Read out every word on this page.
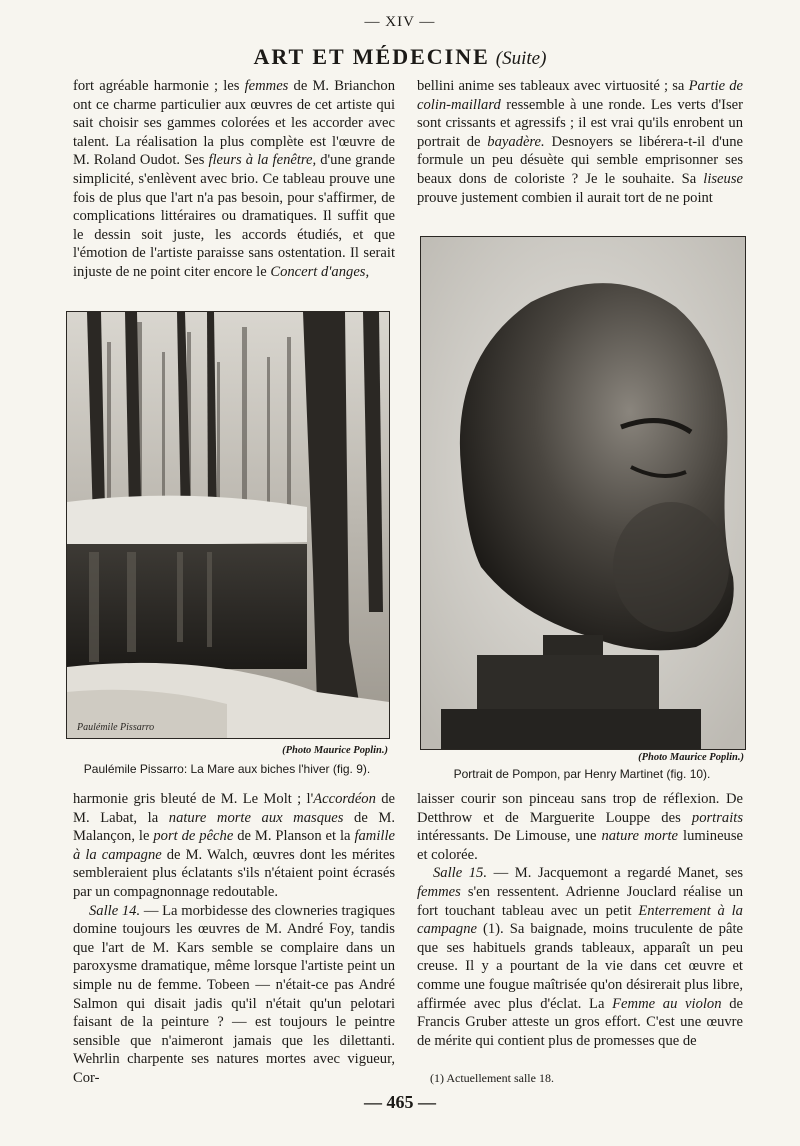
— XIV —
ART ET MÉDECINE (Suite)
fort agréable harmonie ; les femmes de M. Brianchon ont ce charme particulier aux œuvres de cet artiste qui sait choisir ses gammes colorées et les accorder avec talent. La réalisation la plus complète est l'œuvre de M. Roland Oudot. Ses fleurs à la fenêtre, d'une grande simplicité, s'enlèvent avec brio. Ce tableau prouve une fois de plus que l'art n'a pas besoin, pour s'affirmer, de complications littéraires ou dramatiques. Il suffit que le dessin soit juste, les accords étudiés, et que l'émotion de l'artiste paraisse sans ostentation. Il serait injuste de ne point citer encore le Concert d'anges,
bellini anime ses tableaux avec virtuosité ; sa Partie de colin-maillard ressemble à une ronde. Les verts d'Iser sont crissants et agressifs ; il est vrai qu'ils enrobent un portrait de bayadère. Desnoyers se libérera-t-il d'une formule un peu désuète qui semble emprisonner ses beaux dons de coloriste ? Je le souhaite. Sa liseuse prouve justement combien il aurait tort de ne point
Paulémile Pissarro
(Photo Maurice Poplin.)
Paulémile Pissarro: La Mare aux biches l'hiver (fig. 9).
(Photo Maurice Poplin.)
Portrait de Pompon, par Henry Martinet (fig. 10).

harmonie gris bleuté de M. Le Molt ; l'Accordéon de M. Labat, la nature morte aux masques de M. Malançon, le port de pêche de M. Planson et la famille à la campagne de M. Walch, œuvres dont les mérites sembleraient plus éclatants s'ils n'étaient point écrasés par un compagnonnage redoutable.

Salle 14. — La morbidesse des clowneries tragiques domine toujours les œuvres de M. André Foy, tandis que l'art de M. Kars semble se complaire dans un paroxysme dramatique, même lorsque l'artiste peint un simple nu de femme. Tobeen — n'était-ce pas André Salmon qui disait jadis qu'il n'était qu'un pelotari faisant de la peinture ? — est toujours le peintre sensible que n'aimeront jamais que les dilettanti. Wehrlin charpente ses natures mortes avec vigueur, Cor-

laisser courir son pinceau sans trop de réflexion. De Detthrow et de Marguerite Louppe des portraits intéressants. De Limouse, une nature morte lumineuse et colorée.

Salle 15. — M. Jacquemont a regardé Manet, ses femmes s'en ressentent. Adrienne Jouclard réalise un fort touchant tableau avec un petit Enterrement à la campagne (1). Sa baignade, moins truculente de pâte que ses habituels grands tableaux, apparaît un peu creuse. Il y a pourtant de la vie dans cet œuvre et comme une fougue maîtrisée qu'on désirerait plus libre, affirmée avec plus d'éclat. La Femme au violon de Francis Gruber atteste un gros effort. C'est une œuvre de mérite qui contient plus de promesses que de

(1) Actuellement salle 18.
— 465 —
